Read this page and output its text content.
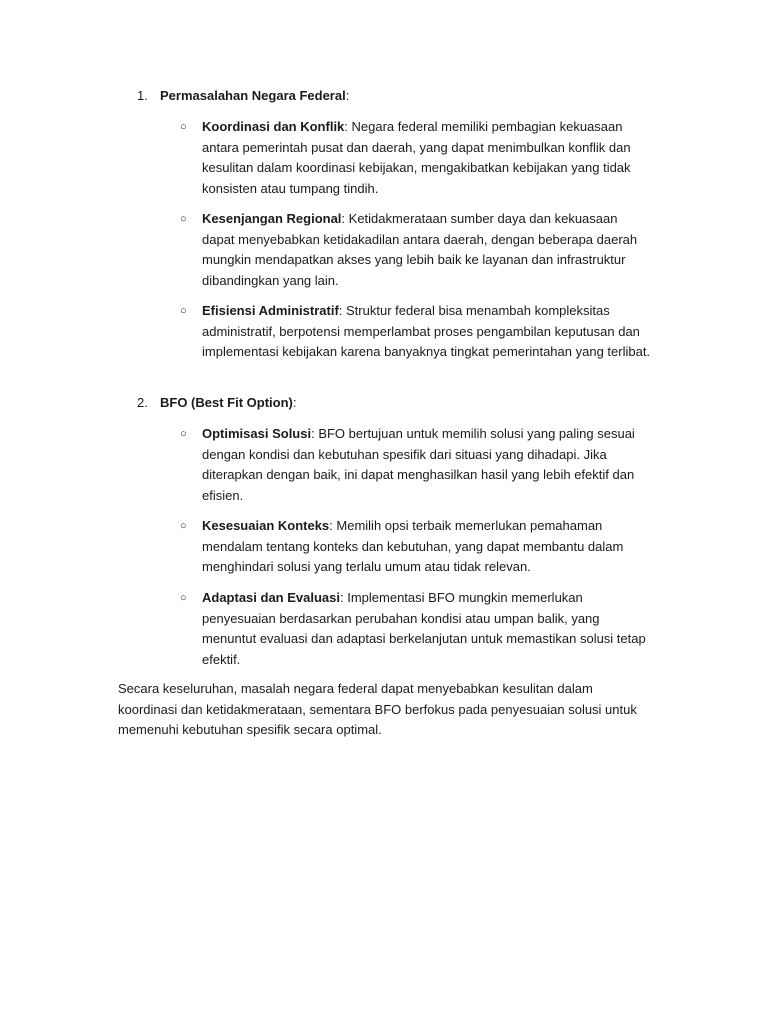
1. Permasalahan Negara Federal:
○	Koordinasi dan Konflik: Negara federal memiliki pembagian kekuasaan antara pemerintah pusat dan daerah, yang dapat menimbulkan konflik dan kesulitan dalam koordinasi kebijakan, mengakibatkan kebijakan yang tidak konsisten atau tumpang tindih.
○	Kesenjangan Regional: Ketidakmerataan sumber daya dan kekuasaan dapat menyebabkan ketidakadilan antara daerah, dengan beberapa daerah mungkin mendapatkan akses yang lebih baik ke layanan dan infrastruktur dibandingkan yang lain.
○	Efisiensi Administratif: Struktur federal bisa menambah kompleksitas administratif, berpotensi memperlambat proses pengambilan keputusan dan implementasi kebijakan karena banyaknya tingkat pemerintahan yang terlibat.
2. BFO (Best Fit Option):
○	Optimisasi Solusi: BFO bertujuan untuk memilih solusi yang paling sesuai dengan kondisi dan kebutuhan spesifik dari situasi yang dihadapi. Jika diterapkan dengan baik, ini dapat menghasilkan hasil yang lebih efektif dan efisien.
○	Kesesuaian Konteks: Memilih opsi terbaik memerlukan pemahaman mendalam tentang konteks dan kebutuhan, yang dapat membantu dalam menghindari solusi yang terlalu umum atau tidak relevan.
○	Adaptasi dan Evaluasi: Implementasi BFO mungkin memerlukan penyesuaian berdasarkan perubahan kondisi atau umpan balik, yang menuntut evaluasi dan adaptasi berkelanjutan untuk memastikan solusi tetap efektif.

Secara keseluruhan, masalah negara federal dapat menyebabkan kesulitan dalam koordinasi dan ketidakmerataan, sementara BFO berfokus pada penyesuaian solusi untuk memenuhi kebutuhan spesifik secara optimal.
